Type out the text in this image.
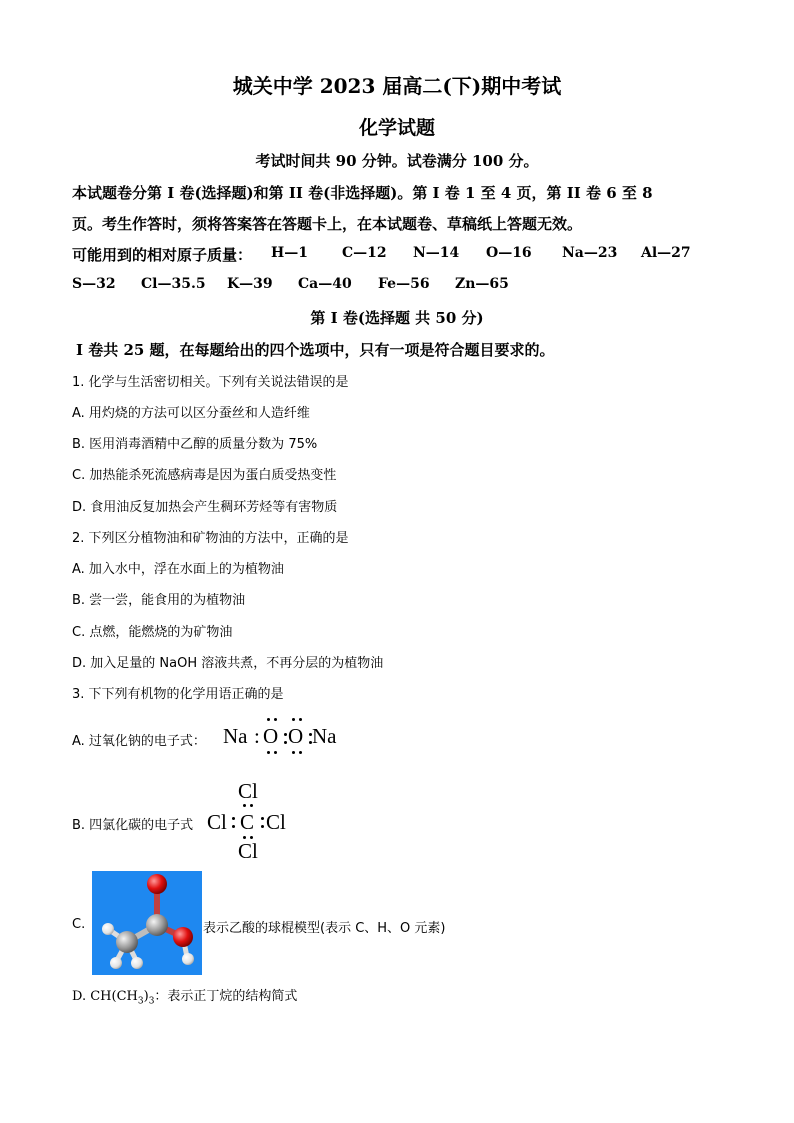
城关中学 2023 届高二(下)期中考试
化学试题
考试时间共 90 分钟。试卷满分 100 分。
本试题卷分第 I 卷(选择题)和第 II 卷(非选择题)。第 I 卷 1 至 4 页，第 II 卷 6 至 8
页。考生作答时，须将答案答在答题卡上，在本试题卷、草稿纸上答题无效。
可能用到的相对原子质量： H—1 C—12 N—14 O—16 Na—23 Al—27
S—32 Cl—35.5 K—39 Ca—40 Fe—56 Zn—65
第 I 卷(选择题 共 50 分)
I 卷共 25 题，在每题给出的四个选项中，只有一项是符合题目要求的。
1. 化学与生活密切相关。下列有关说法错误的是
A. 用灼烧的方法可以区分蚕丝和人造纤维
B. 医用消毒酒精中乙醇的质量分数为 75%
C. 加热能杀死流感病毒是因为蛋白质受热变性
D. 食用油反复加热会产生稠环芳烃等有害物质
2. 下列区分植物油和矿物油的方法中，正确的是
A. 加入水中，浮在水面上的为植物油
B. 尝一尝，能食用的为植物油
C. 点燃，能燃烧的为矿物油
D. 加入足量的 NaOH 溶液共煮，不再分层的为植物油
3. 下下列有机物的化学用语正确的是
A. 过氧化钠的电子式： Na : O O Na
B. 四氯化碳的电子式
Cl
Cl C Cl
Cl
C.	表示乙酸的球棍模型(表示 C、H、O 元素)
D. $CH(CH_3)_3$：表示正丁烷的结构简式
